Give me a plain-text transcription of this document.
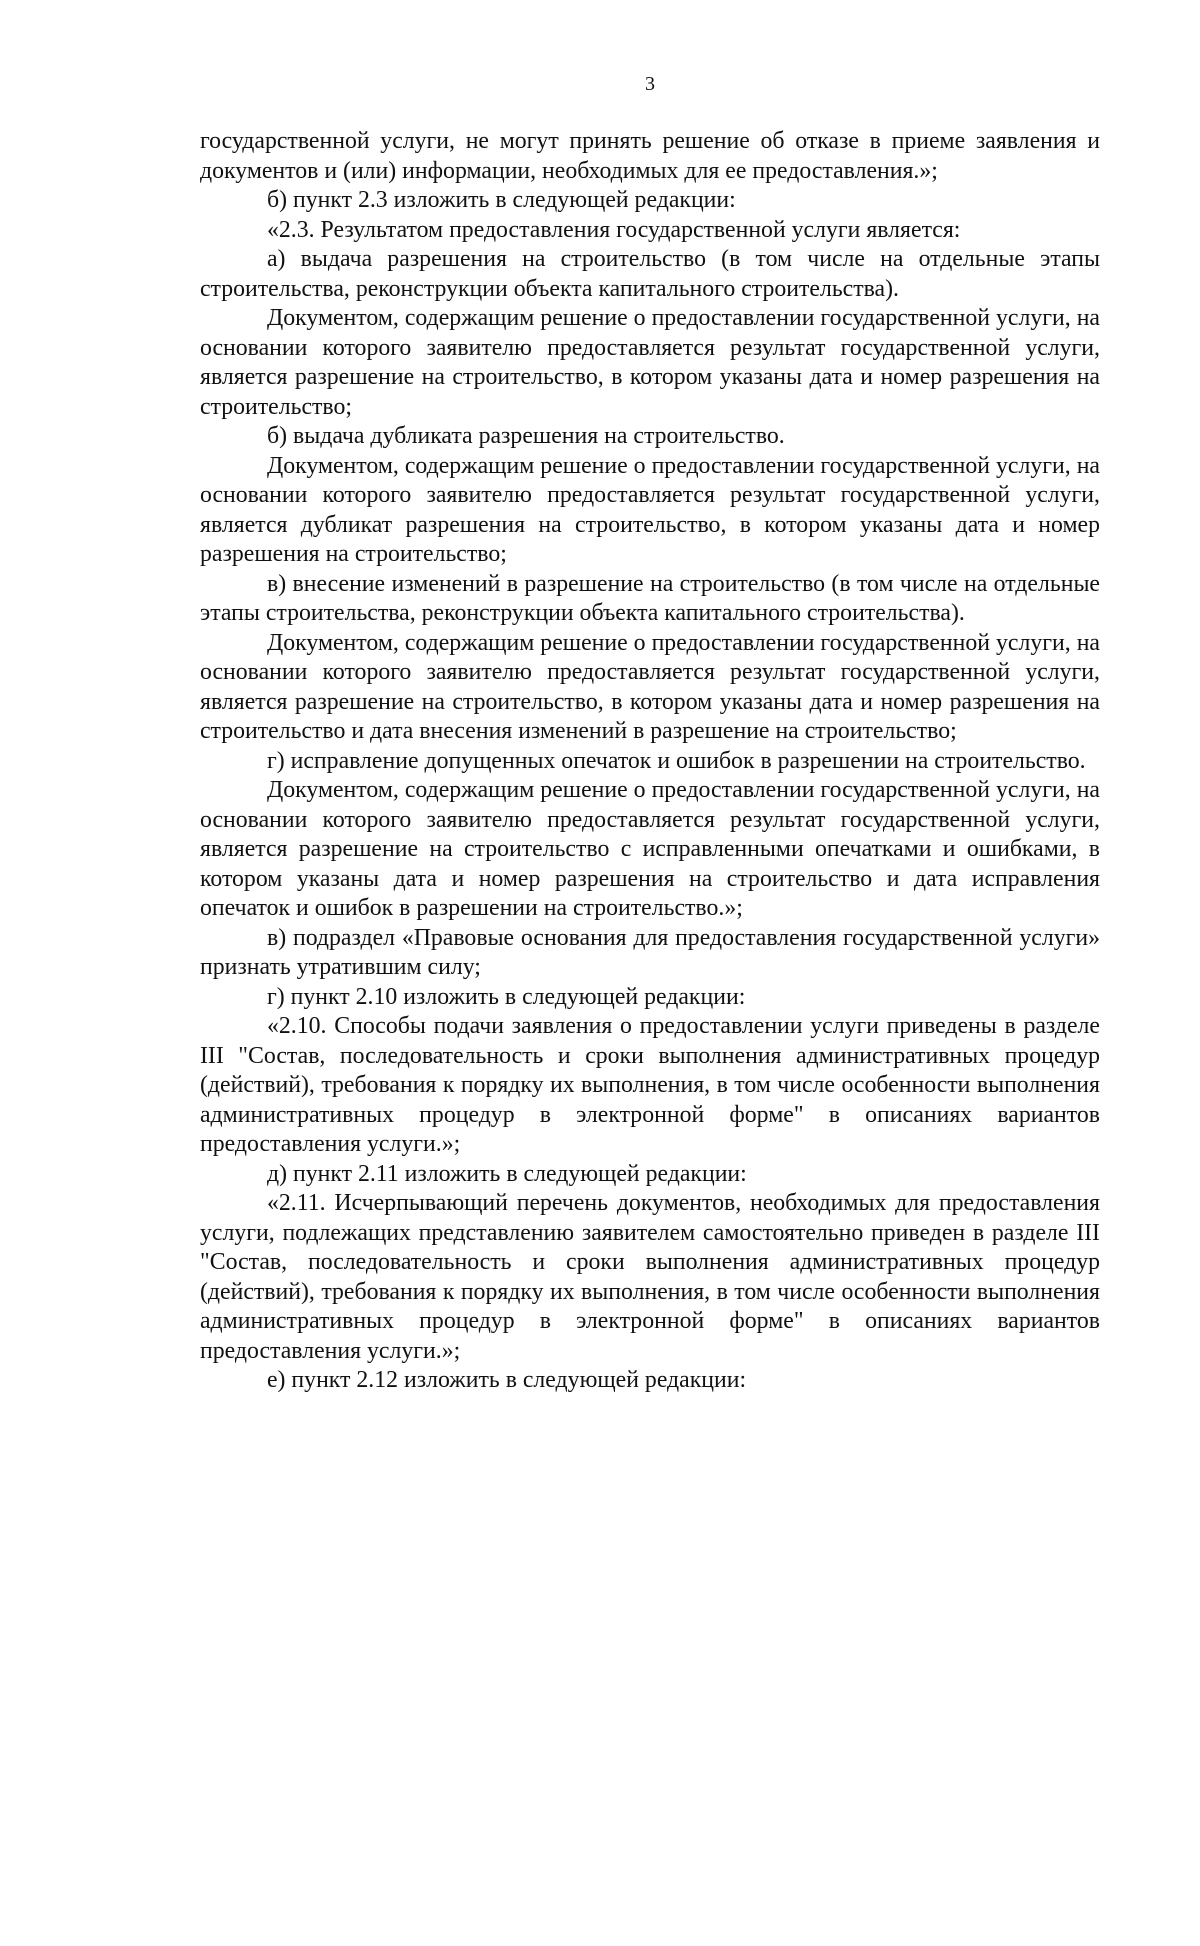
3

государственной услуги, не могут принять решение об отказе в приеме заявления и документов и (или) информации, необходимых для ее предоставления.»;

б) пункт 2.3 изложить в следующей редакции:

«2.3. Результатом предоставления государственной услуги является:

а) выдача разрешения на строительство (в том числе на отдельные этапы строительства, реконструкции объекта капитального строительства).

Документом, содержащим решение о предоставлении государственной услуги, на основании которого заявителю предоставляется результат государственной услуги, является разрешение на строительство, в котором указаны дата и номер разрешения на строительство;

б) выдача дубликата разрешения на строительство.

Документом, содержащим решение о предоставлении государственной услуги, на основании которого заявителю предоставляется результат государственной услуги, является дубликат разрешения на строительство, в котором указаны дата и номер разрешения на строительство;

в) внесение изменений в разрешение на строительство (в том числе на отдельные этапы строительства, реконструкции объекта капитального строительства).

Документом, содержащим решение о предоставлении государственной услуги, на основании которого заявителю предоставляется результат государственной услуги, является разрешение на строительство, в котором указаны дата и номер разрешения на строительство и дата внесения изменений в разрешение на строительство;

г) исправление допущенных опечаток и ошибок в разрешении на строительство.

Документом, содержащим решение о предоставлении государственной услуги, на основании которого заявителю предоставляется результат государственной услуги, является разрешение на строительство с исправленными опечатками и ошибками, в котором указаны дата и номер разрешения на строительство и дата исправления опечаток и ошибок в разрешении на строительство.»;

в) подраздел «Правовые основания для предоставления государственной услуги» признать утратившим силу;

г) пункт 2.10 изложить в следующей редакции:

«2.10. Способы подачи заявления о предоставлении услуги приведены в разделе III "Состав, последовательность и сроки выполнения административных процедур (действий), требования к порядку их выполнения, в том числе особенности выполнения административных процедур в электронной форме" в описаниях вариантов предоставления услуги.»;

д) пункт 2.11 изложить в следующей редакции:

«2.11. Исчерпывающий перечень документов, необходимых для предоставления услуги, подлежащих представлению заявителем самостоятельно приведен в разделе III "Состав, последовательность и сроки выполнения административных процедур (действий), требования к порядку их выполнения, в том числе особенности выполнения административных процедур в электронной форме" в описаниях вариантов предоставления услуги.»;

е) пункт 2.12 изложить в следующей редакции:
